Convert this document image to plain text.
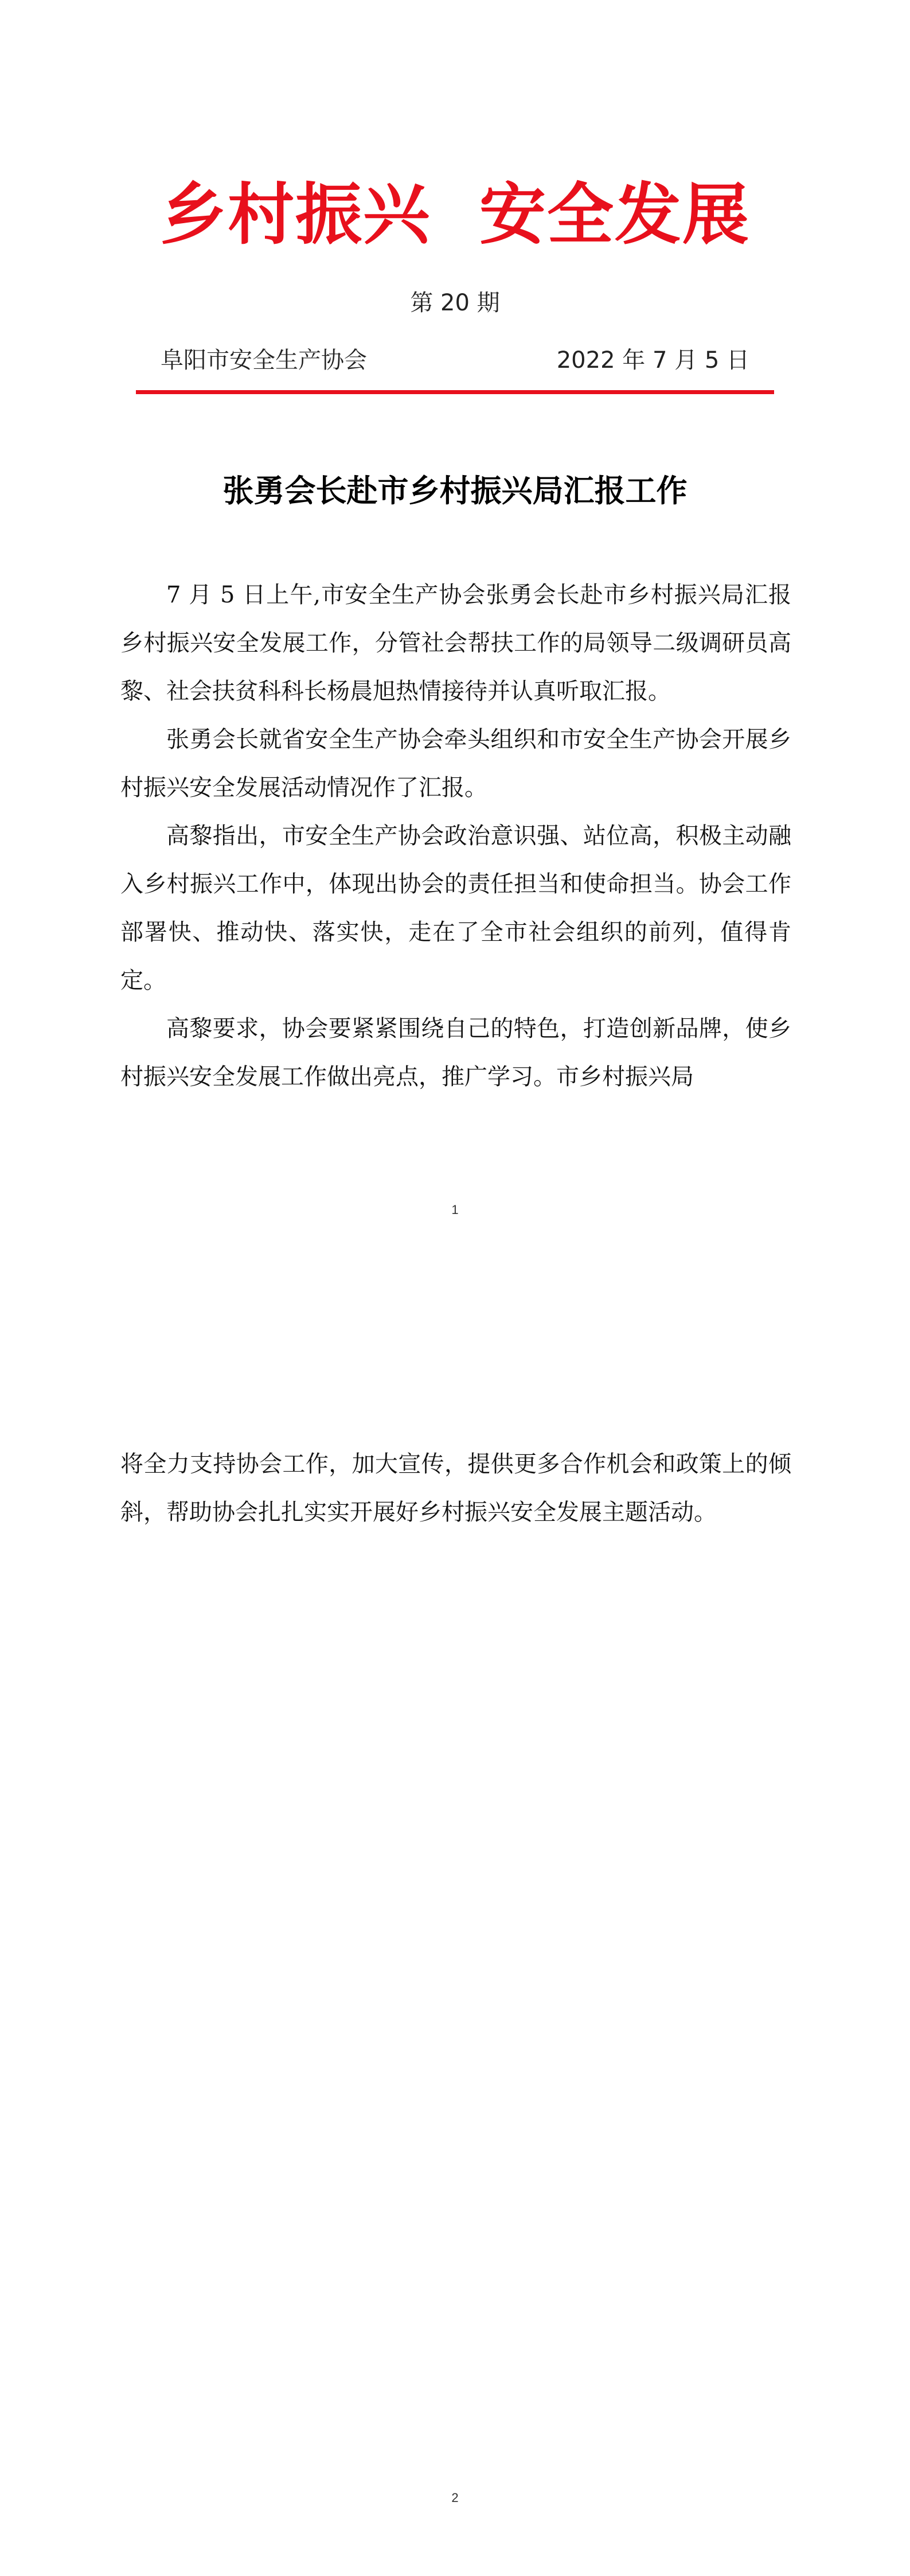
乡村振兴  安全发展
第 20 期
阜阳市安全生产协会	2022 年 7 月 5 日
张勇会长赴市乡村振兴局汇报工作

7 月 5 日上午,市安全生产协会张勇会长赴市乡村振兴局汇报乡村振兴安全发展工作，分管社会帮扶工作的局领导二级调研员高黎、社会扶贫科科长杨晨旭热情接待并认真听取汇报。

张勇会长就省安全生产协会牵头组织和市安全生产协会开展乡村振兴安全发展活动情况作了汇报。

高黎指出，市安全生产协会政治意识强、站位高，积极主动融入乡村振兴工作中，体现出协会的责任担当和使命担当。协会工作部署快、推动快、落实快，走在了全市社会组织的前列，值得肯定。

高黎要求，协会要紧紧围绕自己的特色，打造创新品牌，使乡村振兴安全发展工作做出亮点，推广学习。市乡村振兴局

1

将全力支持协会工作，加大宣传，提供更多合作机会和政策上的倾斜，帮助协会扎扎实实开展好乡村振兴安全发展主题活动。

2
